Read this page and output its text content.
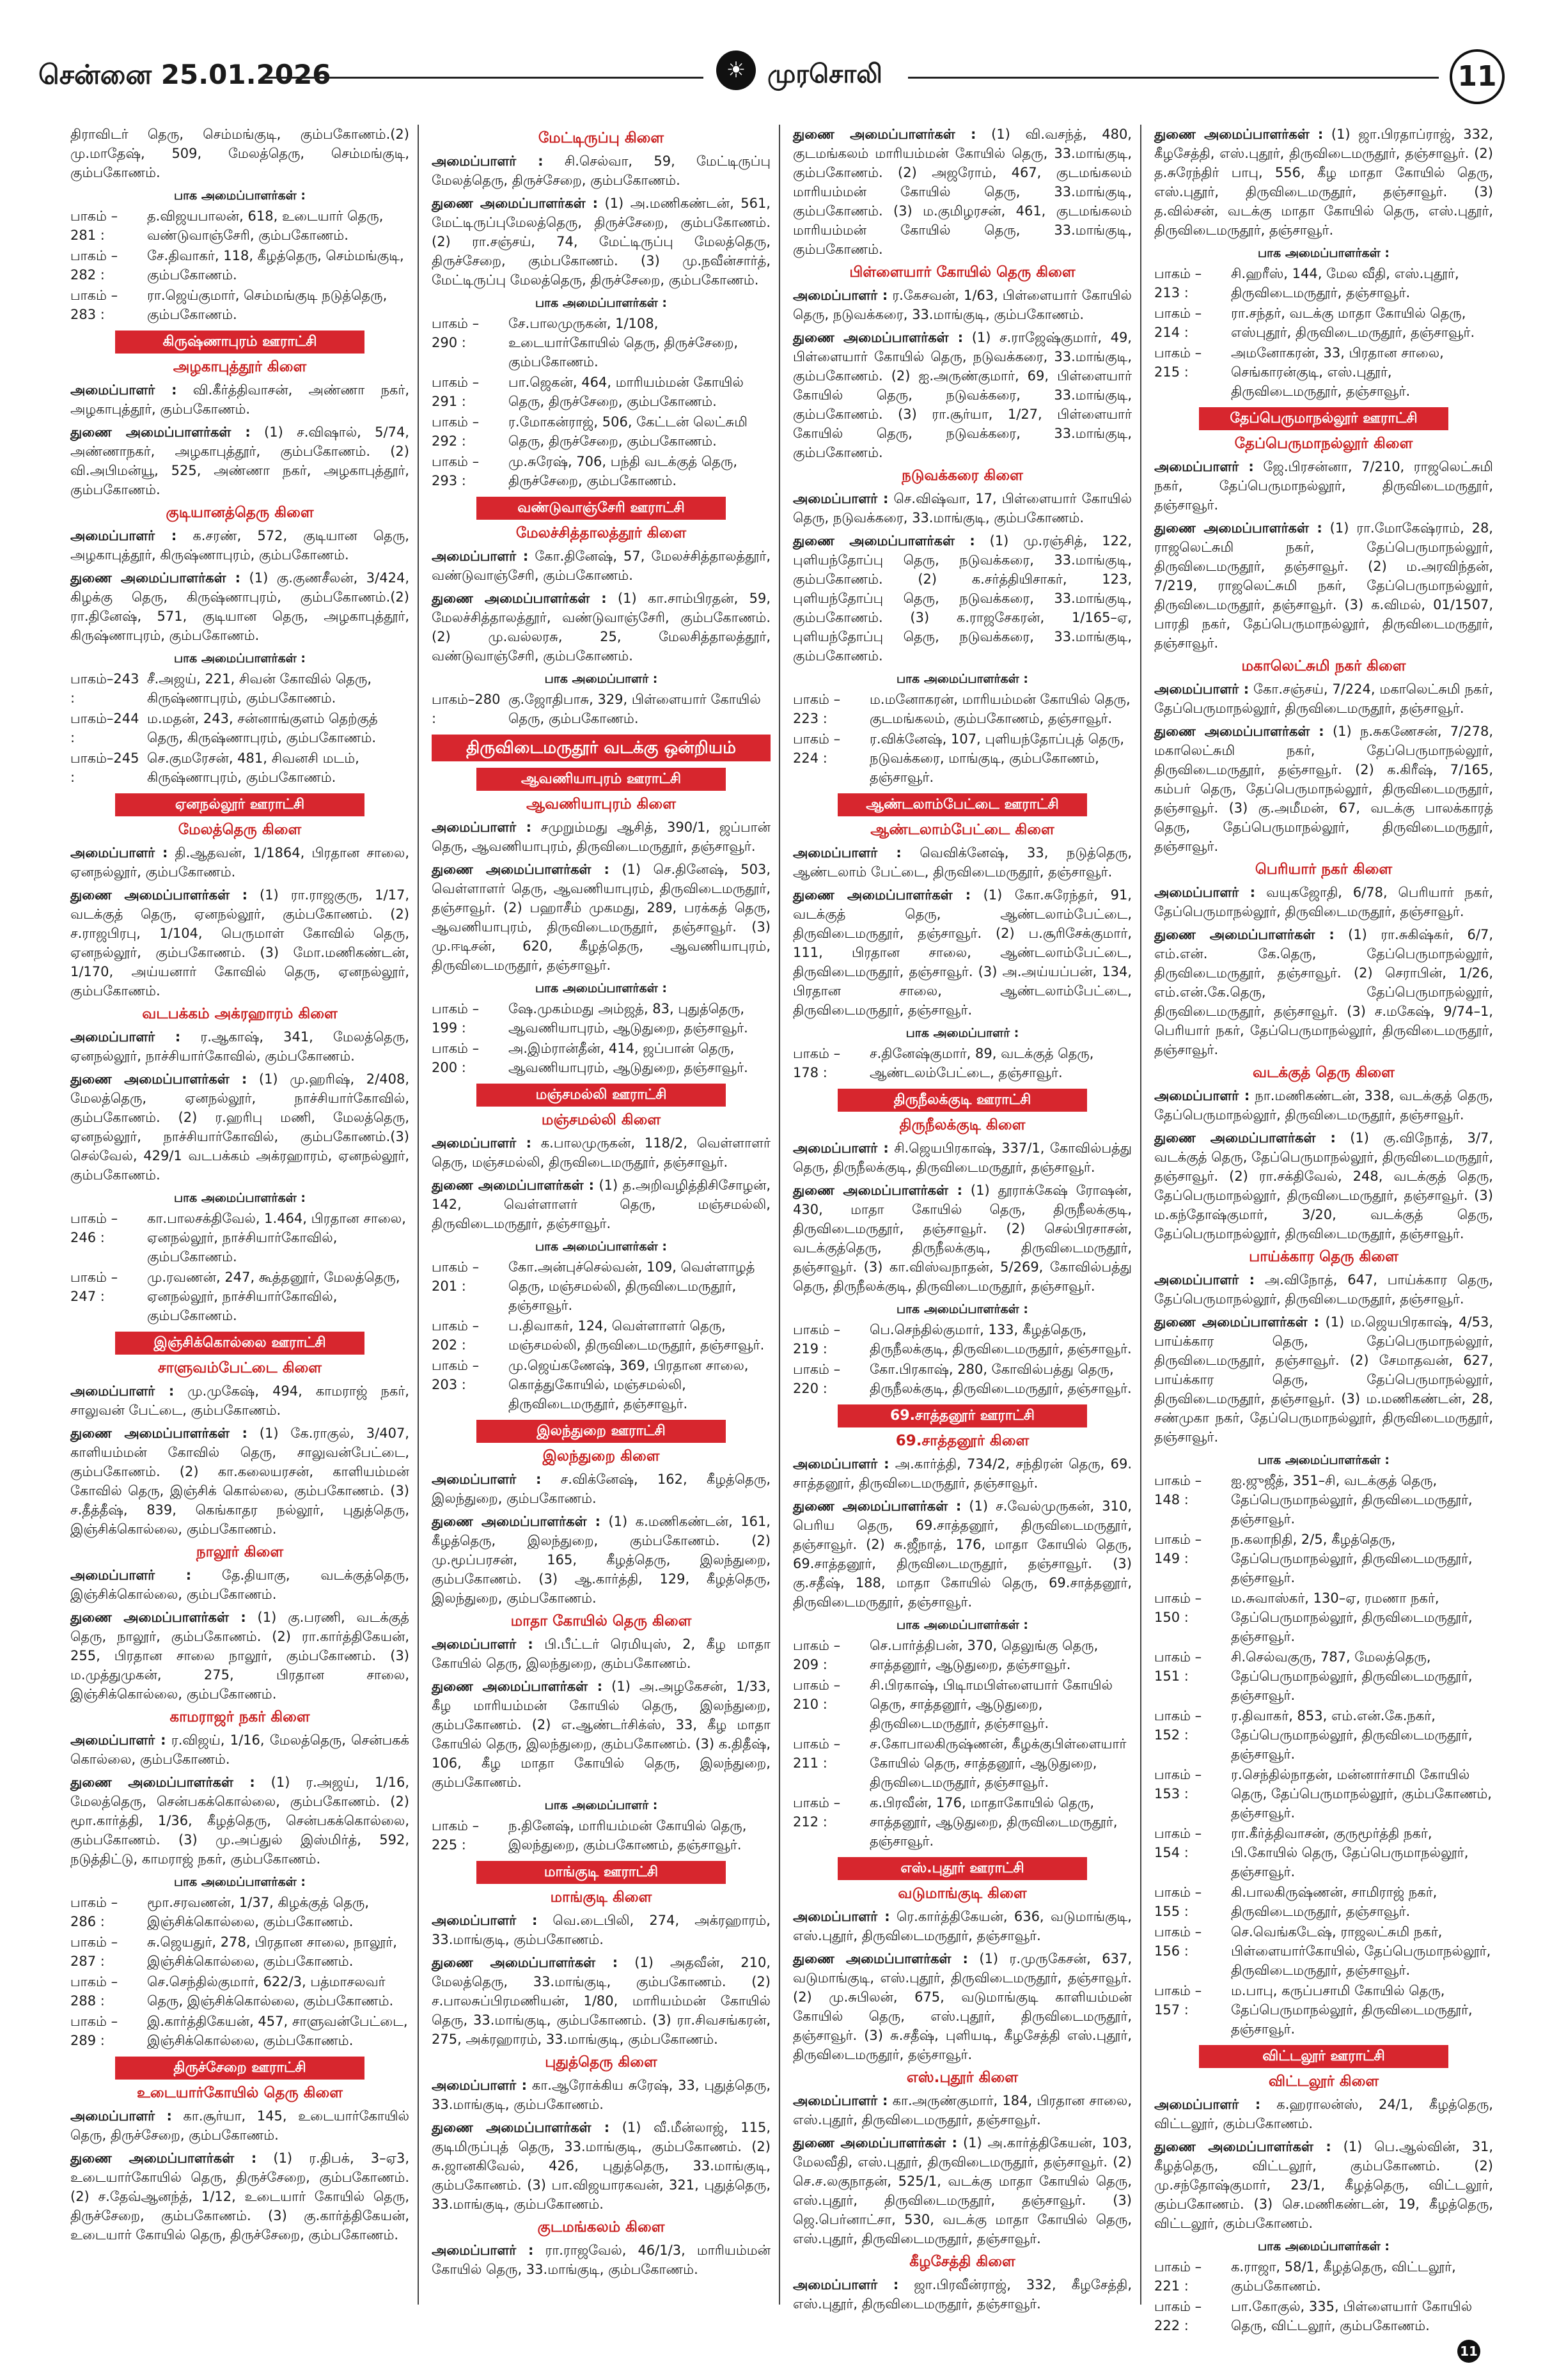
சென்னை 25.01.2026	☀ முரசொலி	11
திராவிடர் தெரு, செம்மங்குடி, கும்பகோணம்.(2) மு.மாதேஷ், 509, மேலத்தெரு, செம்மங்குடி, கும்பகோணம்.
பாக அமைப்பாளர்கள் :
பாகம் – 281 :
த.விஜயபாலன், 618, உடையார் தெரு, வண்டுவாஞ்சேரி, கும்பகோணம்.
பாகம் – 282 :
சே.திவாகர், 118, கீழத்தெரு, செம்மங்குடி, கும்பகோணம்.
பாகம் – 283 :
ரா.ஜெய்குமார், செம்மங்குடி நடுத்தெரு, கும்பகோணம்.
கிருஷ்ணாபுரம் ஊராட்சி
அழகாபுத்தூர் கிளை
அமைப்பாளர் : வி.கீர்த்திவாசன், அண்ணா நகர், அழகாபுத்தூர், கும்பகோணம்.
துணை அமைப்பாளர்கள் : (1) ச.விஷால், 5/74, அண்ணாநகர், அழகாபுத்தூர், கும்பகோணம். (2) வி.அபிமன்யூ, 525, அண்ணா நகர், அழகாபுத்தூர், கும்பகோணம்.
குடியானத்தெரு கிளை
அமைப்பாளர் : க.சரண், 572, குடியான தெரு, அழகாபுத்தூர், கிருஷ்ணாபுரம், கும்பகோணம்.
துணை அமைப்பாளர்கள் : (1) கு.குணசீலன், 3/424, கிழக்கு தெரு, கிருஷ்ணாபுரம், கும்பகோணம்.(2) ரா.தினேஷ், 571, குடியான தெரு, அழகாபுத்தூர், கிருஷ்ணாபுரம், கும்பகோணம்.
பாக அமைப்பாளர்கள் :
பாகம்–243 :
சீ.அஜய், 221, சிவன் கோவில் தெரு, கிருஷ்ணாபுரம், கும்பகோணம்.
பாகம்–244 :
ம.மதன், 243, சன்னாங்குளம் தெற்குத் தெரு, கிருஷ்ணாபுரம், கும்பகோணம்.
பாகம்–245 :
செ.குமரேசன், 481, சிவனசி மடம், கிருஷ்ணாபுரம், கும்பகோணம்.
ஏனநல்லூர் ஊராட்சி
மேலத்தெரு கிளை
அமைப்பாளர் : தி.ஆதவன், 1/1864, பிரதான சாலை, ஏனநல்லூர், கும்பகோணம்.
துணை அமைப்பாளர்கள் : (1) ரா.ராஜகுரு, 1/17, வடக்குத் தெரு, ஏனநல்லூர், கும்பகோணம். (2) ச.ராஜபிரபு, 1/104, பெருமாள் கோவில் தெரு, ஏனநல்லூர், கும்பகோணம். (3) மோ.மணிகண்டன், 1/170, அய்யனார் கோவில் தெரு, ஏனநல்லூர், கும்பகோணம்.
வடபக்கம் அக்ரஹாரம் கிளை
அமைப்பாளர் : ர.ஆகாஷ், 341, மேலத்தெரு, ஏனநல்லூர், நாச்சியார்கோவில், கும்பகோணம்.
துணை அமைப்பாளர்கள் : (1) மு.ஹரிஷ், 2/408, மேலத்தெரு, ஏனநல்லூர், நாச்சியார்கோவில், கும்பகோணம். (2) ர.ஹரிபு மணி, மேலத்தெரு, ஏனநல்லூர், நாச்சியார்கோவில், கும்பகோணம்.(3) செல்வேல், 429/1 வடபக்கம் அக்ரஹாரம், ஏனநல்லூர், கும்பகோணம்.
பாக அமைப்பாளர்கள் :
பாகம் – 246 :
கா.பாலசக்திவேல், 1.464, பிரதான சாலை, ஏனநல்லூர், நாச்சியார்கோவில், கும்பகோணம்.
பாகம் – 247 :
மு.ரவணன், 247, கூத்தனூர், மேலத்தெரு, ஏனநல்லூர், நாச்சியார்கோவில், கும்பகோணம்.
இஞ்சிக்கொல்லை ஊராட்சி
சாளுவம்பேட்டை கிளை
அமைப்பாளர் : மு.முகேஷ், 494, காமராஜ் நகர், சாலுவன் பேட்டை, கும்பகோணம்.
துணை அமைப்பாளர்கள் : (1) கே.ராகுல், 3/407, காளியம்மன் கோவில் தெரு, சாலுவன்பேட்டை, கும்பகோணம். (2) கா.கலையரசன், காளியம்மன் கோவில் தெரு, இஞ்சிக் கொல்லை, கும்பகோணம். (3) ச.தீத்தீஷ், 839, கெங்காதர நல்லூர், புதுத்தெரு, இஞ்சிக்கொல்லை, கும்பகோணம்.
நாலூர் கிளை
அமைப்பாளர் : தே.தியாகு, வடக்குத்தெரு, இஞ்சிக்கொல்லை, கும்பகோணம்.
துணை அமைப்பாளர்கள் : (1) கு.பரணி, வடக்குத் தெரு, நாலூர், கும்பகோணம். (2) ரா.கார்த்திகேயன், 255, பிரதான சாலை நாலூர், கும்பகோணம். (3) ம.முத்துமுகன், 275, பிரதான சாலை, இஞ்சிக்கொல்லை, கும்பகோணம்.
காமராஜர் நகர் கிளை
அமைப்பாளர் : ர.விஜய், 1/16, மேலத்தெரு, சென்பகக் கொல்லை, கும்பகோணம்.
துணை அமைப்பாளர்கள் : (1) ர.அஜய், 1/16, மேலத்தெரு, சென்பகக்கொல்லை, கும்பகோணம். (2) மூா.கார்த்தி, 1/36, கீழத்தெரு, சென்பகக்கொல்லை, கும்பகோணம். (3) மு.அப்துல் இஸ்மிர்த், 592, நடுத்திட்டு, காமராஜ் நகர், கும்பகோணம்.
பாக அமைப்பாளர்கள் :
பாகம் – 286 :
மூா.சரவணன், 1/37, கிழக்குத் தெரு, இஞ்சிக்கொல்லை, கும்பகோணம்.
பாகம் – 287 :
சு.ஜெயதுர், 278, பிரதான சாலை, நாலூர், இஞ்சிக்கொல்லை, கும்பகோணம்.
பாகம் – 288 :
செ.செந்தில்குமார், 622/3, பத்மாசலவர் தெரு, இஞ்சிக்கொல்லை, கும்பகோணம்.
பாகம் – 289 :
இ.கார்த்திகேயன், 457, சாளுவன்பேட்டை, இஞ்சிக்கொல்லை, கும்பகோணம்.
திருச்சேறை ஊராட்சி
உடையார்கோயில் தெரு கிளை
அமைப்பாளர் : கா.சூர்யா, 145, உடையார்கோயில் தெரு, திருச்சேறை, கும்பகோணம்.
துணை அமைப்பாளர்கள் : (1) ர.திபக், 3–ஏ3, உடையார்கோயில் தெரு, திருச்சேறை, கும்பகோணம். (2) ச.தேவ்ஆனந்த், 1/12, உடையார் கோயில் தெரு, திருச்சேறை, கும்பகோணம். (3) கு.கார்த்திகேயன், உடையார் கோயில் தெரு, திருச்சேறை, கும்பகோணம்.
மேட்டிருப்பு கிளை
அமைப்பாளர் : சி.செல்வா, 59, மேட்டிருப்பு மேலத்தெரு, திருச்சேறை, கும்பகோணம்.
துணை அமைப்பாளர்கள் : (1) அ.மணிகண்டன், 561, மேட்டிருப்புமேலத்தெரு, திருச்சேறை, கும்பகோணம். (2) ரா.சஞ்சய், 74, மேட்டிருப்பு மேலத்தெரு, திருச்சேறை, கும்பகோணம். (3) மு.நவீன்சார்த், மேட்டிருப்பு மேலத்தெரு, திருச்சேறை, கும்பகோணம்.
பாக அமைப்பாளர்கள் :
பாகம் – 290 :
சே.பாலமுருகன், 1/108, உடையார்கோயில் தெரு, திருச்சேறை, கும்பகோணம்.
பாகம் – 291 :
பா.ஜெகன், 464, மாரியம்மன் கோயில் தெரு, திருச்சேறை, கும்பகோணம்.
பாகம் – 292 :
ர.மோகன்ராஜ், 506, கேட்டன் லெட்சுமி தெரு, திருச்சேறை, கும்பகோணம்.
பாகம் – 293 :
மு.சுரேஷ், 706, பந்தி வடக்குத் தெரு, திருச்சேறை, கும்பகோணம்.
வண்டுவாஞ்சேரி ஊராட்சி
மேலச்சித்தாலத்தூர் கிளை
அமைப்பாளர் : கோ.தினேஷ், 57, மேலச்சித்தாலத்தூர், வண்டுவாஞ்சேரி, கும்பகோணம்.
துணை அமைப்பாளர்கள் : (1) கா.சாம்பிரதன், 59, மேலச்சித்தாலத்தூர், வண்டுவாஞ்சேரி, கும்பகோணம். (2) மு.வல்லரசு, 25, மேலசித்தாலத்தூர், வண்டுவாஞ்சேரி, கும்பகோணம்.
பாக அமைப்பாளர் :
பாகம்–280 :
கு.ஜோதிபாசு, 329, பிள்ளையார் கோயில் தெரு, கும்பகோணம்.
திருவிடைமருதூர் வடக்கு ஒன்றியம்
ஆவணியாபுரம் ஊராட்சி
ஆவணியாபுரம் கிளை
அமைப்பாளர் : சமுறும்மது ஆசித், 390/1, ஜப்பான் தெரு, ஆவணியாபுரம், திருவிடைமருதூர், தஞ்சாவூர்.
துணை அமைப்பாளர்கள் : (1) செ.தினேஷ், 503, வெள்ளாளர் தெரு, ஆவணியாபுரம், திருவிடைமருதூர், தஞ்சாவூர். (2) பஹாசீம் முகமது, 289, பரக்கத் தெரு, ஆவணியாபுரம், திருவிடைமருதூர், தஞ்சாவூர். (3) மு.ஈடிசன், 620, கீழத்தெரு, ஆவணியாபுரம், திருவிடைமருதூர், தஞ்சாவூர்.
பாக அமைப்பாளர்கள் :
பாகம் – 199 :
ஷே.முகம்மது அம்ஜத், 83, புதுத்தெரு, ஆவணியாபுரம், ஆடுதுறை, தஞ்சாவூர்.
பாகம் – 200 :
அ.இம்ரான்தீன், 414, ஜப்பான் தெரு, ஆவணியாபுரம், ஆடுதுறை, தஞ்சாவூர்.
மஞ்சமல்லி ஊராட்சி
மஞ்சமல்லி கிளை
அமைப்பாளர் : க.பாலமுருகன், 118/2, வெள்ளாளர் தெரு, மஞ்சமல்லி, திருவிடைமருதூர், தஞ்சாவூர்.
துணை அமைப்பாளர்கள் : (1) த.அறிவழித்திசிசோழன், 142, வெள்ளாளர் தெரு, மஞ்சமல்லி, திருவிடைமருதூர், தஞ்சாவூர்.
பாக அமைப்பாளர்கள் :
பாகம் – 201 :
கோ.அன்புச்செல்வன், 109, வெள்ளாழத் தெரு, மஞ்சமல்லி, திருவிடைமருதூர், தஞ்சாவூர்.
பாகம் – 202 :
ப.திவாகர், 124, வெள்ளாளர் தெரு, மஞ்சமல்லி, திருவிடைமருதூர், தஞ்சாவூர்.
பாகம் – 203 :
மு.ஜெய்கணேஷ், 369, பிரதான சாலை, கொத்துகோயில், மஞ்சமல்லி, திருவிடைமருதூர், தஞ்சாவூர்.
இலந்துறை ஊராட்சி
இலந்துறை கிளை
அமைப்பாளர் : ச.விக்னேஷ், 162, கீழத்தெரு, இலந்துறை, கும்பகோணம்.
துணை அமைப்பாளர்கள் : (1) க.மணிகண்டன், 161, கீழத்தெரு, இலந்துறை, கும்பகோணம். (2) மு.மூப்பரசன், 165, கீழத்தெரு, இலந்துறை, கும்பகோணம். (3) ஆ.கார்த்தி, 129, கீழத்தெரு, இலந்துறை, கும்பகோணம்.
மாதா கோயில் தெரு கிளை
அமைப்பாளர் : பி.பீட்டர் ரெமியுஸ், 2, கீழ மாதா கோயில் தெரு, இலந்துறை, கும்பகோணம்.
துணை அமைப்பாளர்கள் : (1) அ.அழகேசன், 1/33, கீழ மாரியம்மன் கோயில் தெரு, இலந்துறை, கும்பகோணம். (2) எ.ஆண்டர்சிக்ஸ், 33, கீழ மாதா கோயில் தெரு, இலந்துறை, கும்பகோணம். (3) க.திதீஷ், 106, கீழ மாதா கோயில் தெரு, இலந்துறை, கும்பகோணம்.
பாக அமைப்பாளர் :
பாகம் – 225 :
ந.தினேஷ், மாரியம்மன் கோயில் தெரு, இலந்துறை, கும்பகோணம், தஞ்சாவூர்.
மாங்குடி ஊராட்சி
மாங்குடி கிளை
அமைப்பாளர் : வெ.டைபிலி, 274, அக்ரஹாரம், 33.மாங்குடி, கும்பகோணம்.
துணை அமைப்பாளர்கள் : (1) அதவீன், 210, மேலத்தெரு, 33.மாங்குடி, கும்பகோணம். (2) ச.பாலசுப்பிரமணியன், 1/80, மாரியம்மன் கோயில் தெரு, 33.மாங்குடி, கும்பகோணம். (3) ரா.சிவசங்கரன், 275, அக்ரஹாரம், 33.மாங்குடி, கும்பகோணம்.
புதுத்தெரு கிளை
அமைப்பாளர் : கா.ஆரோக்கிய சுரேஷ், 33, புதுத்தெரு, 33.மாங்குடி, கும்பகோணம்.
துணை அமைப்பாளர்கள் : (1) வீ.மீன்லாஜ், 115, குடிமிருப்புத் தெரு, 33.மாங்குடி, கும்பகோணம். (2) சு.ஜானகிவேல், 426, புதுத்தெரு, 33.மாங்குடி, கும்பகோணம். (3) பா.விஜயாரகவன், 321, புதுத்தெரு, 33.மாங்குடி, கும்பகோணம்.
குடமங்கலம் கிளை
அமைப்பாளர் : ரா.ராஜவேல், 46/1/3, மாரியம்மன் கோயில் தெரு, 33.மாங்குடி, கும்பகோணம்.
துணை அமைப்பாளர்கள் : (1) வி.வசந்த், 480, குடமங்கலம் மாரியம்மன் கோயில் தெரு, 33.மாங்குடி, கும்பகோணம். (2) அஜரோம், 467, குடமங்கலம் மாரியம்மன் கோயில் தெரு, 33.மாங்குடி, கும்பகோணம். (3) ம.குமிழரசன், 461, குடமங்கலம் மாரியம்மன் கோயில் தெரு, 33.மாங்குடி, கும்பகோணம்.
பிள்ளையார் கோயில் தெரு கிளை
அமைப்பாளர் : ர.கேசவன், 1/63, பிள்ளையார் கோயில் தெரு, நடுவக்கரை, 33.மாங்குடி, கும்பகோணம்.
துணை அமைப்பாளர்கள் : (1) ச.ராஜேஷ்குமார், 49, பிள்ளையார் கோயில் தெரு, நடுவக்கரை, 33.மாங்குடி, கும்பகோணம். (2) ஐ.அருண்குமார், 69, பிள்ளையார் கோயில் தெரு, நடுவக்கரை, 33.மாங்குடி, கும்பகோணம். (3) ரா.சூர்யா, 1/27, பிள்ளையார் கோயில் தெரு, நடுவக்கரை, 33.மாங்குடி, கும்பகோணம்.
நடுவக்கரை கிளை
அமைப்பாளர் : செ.விஷ்வா, 17, பிள்ளையார் கோயில் தெரு, நடுவக்கரை, 33.மாங்குடி, கும்பகோணம்.
துணை அமைப்பாளர்கள் : (1) மு.ரஞ்சித், 122, புளியந்தோப்பு தெரு, நடுவக்கரை, 33.மாங்குடி, கும்பகோணம். (2) க.சர்த்தியிசாகர், 123, புளியந்தோப்பு தெரு, நடுவக்கரை, 33.மாங்குடி, கும்பகோணம். (3) க.ராஜசேகரன், 1/165–ஏ, புளியந்தோப்பு தெரு, நடுவக்கரை, 33.மாங்குடி, கும்பகோணம்.
பாக அமைப்பாளர்கள் :
பாகம் – 223 :
ம.மனோகரன், மாரியம்மன் கோயில் தெரு, குடமங்கலம், கும்பகோணம், தஞ்சாவூர்.
பாகம் – 224 :
ர.விக்னேஷ், 107, புளியந்தோப்புத் தெரு, நடுவக்கரை, மாங்குடி, கும்பகோணம், தஞ்சாவூர்.
ஆண்டலாம்பேட்டை ஊராட்சி
ஆண்டலாம்பேட்டை கிளை
அமைப்பாளர் : வெவிக்னேஷ், 33, நடுத்தெரு, ஆண்டலாம் பேட்டை, திருவிடைமருதூர், தஞ்சாவூர்.
துணை அமைப்பாளர்கள் : (1) கோ.சுரேந்தர், 91, வடக்குத் தெரு, ஆண்டலாம்பேட்டை, திருவிடைமருதூர், தஞ்சாவூர். (2) ப.சூரிசேக்குமார், 111, பிரதான சாலை, ஆண்டலாம்பேட்டை, திருவிடைமருதூர், தஞ்சாவூர். (3) அ.அய்யப்பன், 134, பிரதான சாலை, ஆண்டலாம்பேட்டை, திருவிடைமருதூர், தஞ்சாவூர்.
பாக அமைப்பாளர் :
பாகம் – 178 :
ச.தினேஷ்குமார், 89, வடக்குத் தெரு, ஆண்டலம்பேட்டை, தஞ்சாவூர்.
திருநீலக்குடி ஊராட்சி
திருநீலக்குடி கிளை
அமைப்பாளர் : சி.ஜெயபிரகாஷ், 337/1, கோவில்பத்து தெரு, திருநீலக்குடி, திருவிடைமருதூர், தஞ்சாவூர்.
துணை அமைப்பாளர்கள் : (1) தூராக்கேஷ் ரோஷன், 430, மாதா கோயில் தெரு, திருநீலக்குடி, திருவிடைமருதூர், தஞ்சாவூர். (2) செல்பிரசாசன், வடக்குத்தெரு, திருநீலக்குடி, திருவிடைமருதூர், தஞ்சாவூர். (3) கா.விஸ்வநாதன், 5/269, கோவில்பத்து தெரு, திருநீலக்குடி, திருவிடைமருதூர், தஞ்சாவூர்.
பாக அமைப்பாளர்கள் :
பாகம் – 219 :
பெ.செந்தில்குமார், 133, கீழத்தெரு, திருநீலக்குடி, திருவிடைமருதூர், தஞ்சாவூர்.
பாகம் – 220 :
கோ.பிரகாஷ், 280, கோவில்பத்து தெரு, திருநீலக்குடி, திருவிடைமருதூர், தஞ்சாவூர்.
69.சாத்தனூர் ஊராட்சி
69.சாத்தனூர் கிளை
அமைப்பாளர் : அ.கார்த்தி, 734/2, சந்திரன் தெரு, 69. சாத்தனூர், திருவிடைமருதூர், தஞ்சாவூர்.
துணை அமைப்பாளர்கள் : (1) ச.வேல்முருகன், 310, பெரிய தெரு, 69.சாத்தனூர், திருவிடைமருதூர், தஞ்சாவூர். (2) சு.ஜீநாத், 176, மாதா கோயில் தெரு, 69.சாத்தனூர், திருவிடைமருதூர், தஞ்சாவூர். (3) கு.சதீஷ், 188, மாதா கோயில் தெரு, 69.சாத்தனூர், திருவிடைமருதூர், தஞ்சாவூர்.
பாக அமைப்பாளர்கள் :
பாகம் – 209 :
செ.பார்த்திபன், 370, தெலுங்கு தெரு, சாத்தனூர், ஆடுதுறை, தஞ்சாவூர்.
பாகம் – 210 :
சி.பிரகாஷ், பிடிாமபிள்ளையார் கோயில் தெரு, சாத்தனூர், ஆடுதுறை, திருவிடைமருதூர், தஞ்சாவூர்.
பாகம் – 211 :
ச.கோபாலகிருஷ்ணன், கீழக்குபிள்ளையார் கோயில் தெரு, சாத்தனூர், ஆடுதுறை, திருவிடைமருதூர், தஞ்சாவூர்.
பாகம் – 212 :
க.பிரவீன், 176, மாதாகோயில் தெரு, சாத்தனூர், ஆடுதுறை, திருவிடைமருதூர், தஞ்சாவூர்.
எஸ்.புதூர் ஊராட்சி
வடுமாங்குடி கிளை
அமைப்பாளர் : ரெ.கார்த்திகேயன், 636, வடுமாங்குடி, எஸ்.புதூர், திருவிடைமருதூர், தஞ்சாவூர்.
துணை அமைப்பாளர்கள் : (1) ர.முருகேசன், 637, வடுமாங்குடி, எஸ்.புதூர், திருவிடைமருதூர், தஞ்சாவூர். (2) மு.சுபிலன், 675, வடுமாங்குடி காளியம்மன் கோயில் தெரு, எஸ்.புதூர், திருவிடைமருதூர், தஞ்சாவூர். (3) சு.சதீஷ், புளியடி, கீழசேத்தி எஸ்.புதூர், திருவிடைமருதூர், தஞ்சாவூர்.
எஸ்.புதூர் கிளை
அமைப்பாளர் : கா.அருண்குமார், 184, பிரதான சாலை, எஸ்.புதூர், திருவிடைமருதூர், தஞ்சாவூர்.
துணை அமைப்பாளர்கள் : (1) அ.கார்த்திகேயன், 103, மேலவீதி, எஸ்.புதூர், திருவிடைமருதூர், தஞ்சாவூர். (2) செ.ச.லகுநாதன், 525/1, வடக்கு மாதா கோயில் தெரு, எஸ்.புதூர், திருவிடைமருதூர், தஞ்சாவூர். (3) ஜெ.பெர்னாட்சா, 530, வடக்கு மாதா கோயில் தெரு, எஸ்.புதூர், திருவிடைமருதூர், தஞ்சாவூர்.
கீழசேத்தி கிளை
அமைப்பாளர் : ஜா.பிரவீன்ராஜ், 332, கீழசேத்தி, எஸ்.புதூர், திருவிடைமருதூர், தஞ்சாவூர்.
துணை அமைப்பாளர்கள் : (1) ஜா.பிரதாப்ராஜ், 332, கீழசேத்தி, எஸ்.புதூர், திருவிடைமருதூர், தஞ்சாவூர். (2) த.சுரேந்திர் பாபு, 556, கீழ மாதா கோயில் தெரு, எஸ்.புதூர், திருவிடைமருதூர், தஞ்சாவூர். (3) த.வில்சன், வடக்கு மாதா கோயில் தெரு, எஸ்.புதூர், திருவிடைமருதூர், தஞ்சாவூர்.
பாக அமைப்பாளர்கள் :
பாகம் – 213 :
சி.ஹரீஸ், 144, மேல வீதி, எஸ்.புதூர், திருவிடைமருதூர், தஞ்சாவூர்.
பாகம் – 214 :
ரா.சந்தர், வடக்கு மாதா கோயில் தெரு, எஸ்புதூர், திருவிடைமருதூர், தஞ்சாவூர்.
பாகம் – 215 :
அமனோகரன், 33, பிரதான சாலை, செங்காரன்குடி, எஸ்.புதூர், திருவிடைமருதூர், தஞ்சாவூர்.
தேப்பெருமாநல்லூர் ஊராட்சி
தேப்பெருமாநல்லூர் கிளை
அமைப்பாளர் : ஜே.பிரசன்னா, 7/210, ராஜலெட்சுமி நகர், தேப்பெருமாநல்லூர், திருவிடைமருதூர், தஞ்சாவூர்.
துணை அமைப்பாளர்கள் : (1) ரா.மோகேஷ்ராம், 28, ராஜலெட்சுமி நகர், தேப்பெருமாநல்லூர், திருவிடைமருதூர், தஞ்சாவூர். (2) ம.அரவிந்தன், 7/219, ராஜலெட்சுமி நகர், தேப்பெருமாநல்லூர், திருவிடைமருதூர், தஞ்சாவூர். (3) க.விமல், 01/1507, பாரதி நகர், தேப்பெருமாநல்லூர், திருவிடைமருதூர், தஞ்சாவூர்.
மகாலெட்சுமி நகர் கிளை
அமைப்பாளர் : கோ.சஞ்சய், 7/224, மகாலெட்சுமி நகர், தேப்பெருமாநல்லூர், திருவிடைமருதூர், தஞ்சாவூர்.
துணை அமைப்பாளர்கள் : (1) ந.சுகணேசன், 7/278, மகாலெட்சுமி நகர், தேப்பெருமாநல்லூர், திருவிடைமருதூர், தஞ்சாவூர். (2) க.கிரீஷ், 7/165, கம்பர் தெரு, தேப்பெருமாநல்லூர், திருவிடைமருதூர், தஞ்சாவூர். (3) கு.அமீமன், 67, வடக்கு பாலக்காரத் தெரு, தேப்பெருமாநல்லூர், திருவிடைமருதூர், தஞ்சாவூர்.
பெரியார் நகர் கிளை
அமைப்பாளர் : வயுகஜோதி, 6/78, பெரியார் நகர், தேப்பெருமாநல்லூர், திருவிடைமருதூர், தஞ்சாவூர்.
துணை அமைப்பாளர்கள் : (1) ரா.சுகிஷ்கர், 6/7, எம்.என். கே.தெரு, தேப்பெருமாநல்லூர், திருவிடைமருதூர், தஞ்சாவூர். (2) செராபின், 1/26, எம்.என்.கே.தெரு, தேப்பெருமாநல்லூர், திருவிடைமருதூர், தஞ்சாவூர். (3) ச.மகேஷ், 9/74–1, பெரியார் நகர், தேப்பெருமாநல்லூர், திருவிடைமருதூர், தஞ்சாவூர்.
வடக்குத் தெரு கிளை
அமைப்பாளர் : நா.மணிகண்டன், 338, வடக்குத் தெரு, தேப்பெருமாநல்லூர், திருவிடைமருதூர், தஞ்சாவூர்.
துணை அமைப்பாளர்கள் : (1) கு.விநோத், 3/7, வடக்குத் தெரு, தேப்பெருமாநல்லூர், திருவிடைமருதூர், தஞ்சாவூர். (2) ரா.சக்திவேல், 248, வடக்குத் தெரு, தேப்பெருமாநல்லூர், திருவிடைமருதூர், தஞ்சாவூர். (3) ம.கந்தோஷ்குமார், 3/20, வடக்குத் தெரு, தேப்பெருமாநல்லூர், திருவிடைமருதூர், தஞ்சாவூர்.
பாய்க்கார தெரு கிளை
அமைப்பாளர் : அ.விநோத், 647, பாய்க்கார தெரு, தேப்பெருமாநல்லூர், திருவிடைமருதூர், தஞ்சாவூர்.
துணை அமைப்பாளர்கள் : (1) ம.ஜெயபிரகாஷ், 4/53, பாய்க்கார தெரு, தேப்பெருமாநல்லூர், திருவிடைமருதூர், தஞ்சாவூர். (2) சேமாதவன், 627, பாய்க்கார தெரு, தேப்பெருமாநல்லூர், திருவிடைமருதூர், தஞ்சாவூர். (3) ம.மணிகண்டன், 28, சண்முகா நகர், தேப்பெருமாநல்லூர், திருவிடைமருதூர், தஞ்சாவூர்.
பாக அமைப்பாளர்கள் :
பாகம் – 148 :
ஐ.ஜுஜீத், 351–சி, வடக்குத் தெரு, தேப்பெருமாநல்லூர், திருவிடைமருதூர், தஞ்சாவூர்.
பாகம் – 149 :
ந.கலாநிதி, 2/5, கீழத்தெரு, தேப்பெருமாநல்லூர், திருவிடைமருதூர், தஞ்சாவூர்.
பாகம் – 150 :
ம.சுவாஸ்கர், 130–ஏ, ரமணா நகர், தேப்பெருமாநல்லூர், திருவிடைமருதூர், தஞ்சாவூர்.
பாகம் – 151 :
சி.செல்வகுரு, 787, மேலத்தெரு, தேப்பெருமாநல்லூர், திருவிடைமருதூர், தஞ்சாவூர்.
பாகம் – 152 :
ர.திவாகர், 853, எம்.என்.கே.நகர், தேப்பெருமாநல்லூர், திருவிடைமருதூர், தஞ்சாவூர்.
பாகம் – 153 :
ர.செந்தில்நாதன், மன்னார்சாமி கோயில் தெரு, தேப்பெருமாநல்லூர், கும்பகோணம், தஞ்சாவூர்.
பாகம் – 154 :
ரா.கீர்த்திவாசன், குருமூர்த்தி நகர், பி.கோயில் தெரு, தேப்பெருமாநல்லூர், தஞ்சாவூர்.
பாகம் – 155 :
கி.பாலகிருஷ்ணன், சாமிராஜ் நகர், திருவிடைமருதூர், தஞ்சாவூர்.
பாகம் – 156 :
செ.வெங்கடேஷ், ராஜலட்சுமி நகர், பிள்ளையார்கோயில், தேப்பெருமாநல்லூர், திருவிடைமருதூர், தஞ்சாவூர்.
பாகம் – 157 :
ம.பாபு, கருப்பசாமி கோயில் தெரு, தேப்பெருமாநல்லூர், திருவிடைமருதூர், தஞ்சாவூர்.
விட்டலூர் ஊராட்சி
விட்டலூர் கிளை
அமைப்பாளர் : க.ஹராலன்ஸ், 24/1, கீழத்தெரு, விட்டலூர், கும்பகோணம்.
துணை அமைப்பாளர்கள் : (1) பெ.ஆல்வின், 31, கீழத்தெரு, விட்டலூர், கும்பகோணம். (2) மு.சந்தோஷ்குமார், 23/1, கீழத்தெரு, விட்டலூர், கும்பகோணம். (3) செ.மணிகண்டன், 19, கீழத்தெரு, விட்டலூர், கும்பகோணம்.
பாக அமைப்பாளர்கள் :
பாகம் – 221 :
க.ராஜா, 58/1, கீழத்தெரு, விட்டலூர், கும்பகோணம்.
பாகம் – 222 :
பா.கோகுல், 335, பிள்ளையார் கோயில் தெரு, விட்டலூர், கும்பகோணம்.
11
